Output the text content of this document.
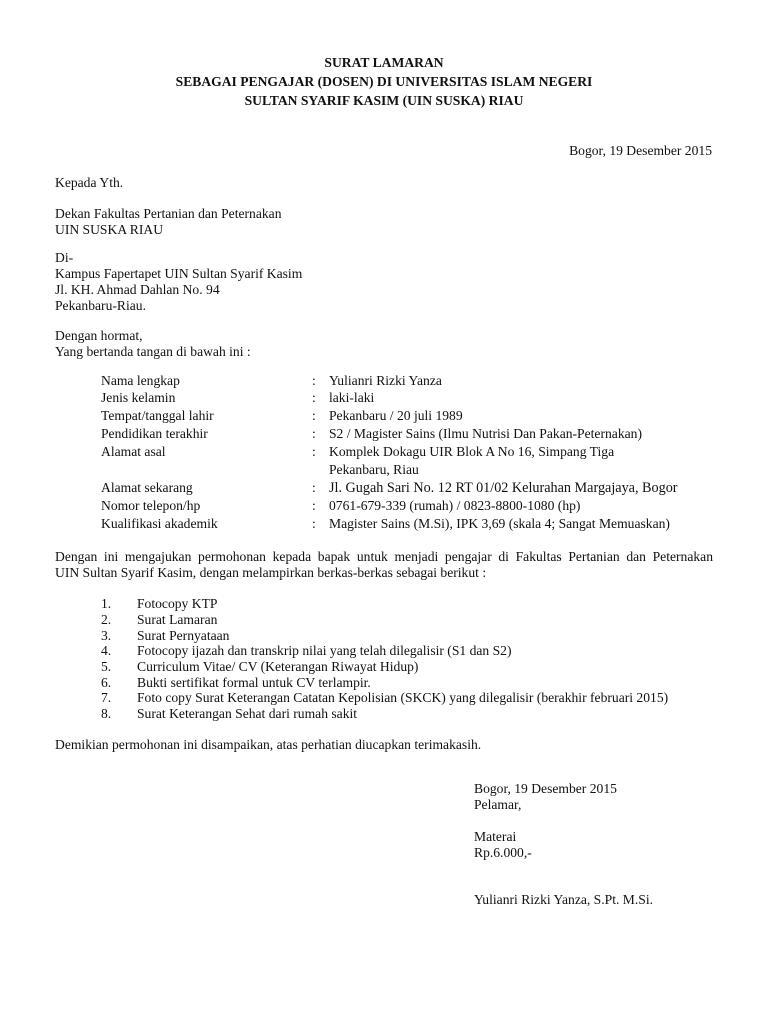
SURAT LAMARAN
SEBAGAI PENGAJAR (DOSEN) DI UNIVERSITAS ISLAM NEGERI
SULTAN SYARIF KASIM (UIN SUSKA) RIAU
Bogor, 19 Desember 2015
Kepada Yth.
Dekan Fakultas Pertanian dan Peternakan
UIN SUSKA RIAU
Di-
Kampus Fapertapet UIN Sultan Syarif Kasim
Jl. KH. Ahmad Dahlan No. 94
Pekanbaru-Riau.
Dengan hormat,
Yang bertanda tangan di bawah ini :
Nama lengkap	: Yulianri Rizki Yanza
Jenis kelamin	: laki-laki
Tempat/tanggal lahir	: Pekanbaru / 20 juli 1989
Pendidikan terakhir	: S2 / Magister Sains (Ilmu Nutrisi Dan Pakan-Peternakan)
Alamat asal	: Komplek Dokagu UIR Blok A No 16, Simpang Tiga
Pekanbaru, Riau
Alamat sekarang	: Jl. Gugah Sari No. 12 RT 01/02 Kelurahan Margajaya, Bogor
Nomor telepon/hp	: 0761-679-339 (rumah) / 0823-8800-1080 (hp)
Kualifikasi akademik	: Magister Sains (M.Si), IPK 3,69 (skala 4; Sangat Memuaskan)
Dengan ini mengajukan permohonan kepada bapak untuk menjadi pengajar di Fakultas Pertanian dan Peternakan
UIN Sultan Syarif Kasim, dengan melampirkan berkas-berkas sebagai berikut :
1. Fotocopy KTP
2. Surat Lamaran
3. Surat Pernyataan
4. Fotocopy ijazah dan transkrip nilai yang telah dilegalisir (S1 dan S2)
5. Curriculum Vitae/ CV (Keterangan Riwayat Hidup)
6. Bukti sertifikat formal untuk CV terlampir.
7. Foto copy Surat Keterangan Catatan Kepolisian (SKCK) yang dilegalisir (berakhir februari 2015)
8. Surat Keterangan Sehat dari rumah sakit
Demikian permohonan ini disampaikan, atas perhatian diucapkan terimakasih.
Bogor, 19 Desember 2015
Pelamar,
Materai
Rp.6.000,-
Yulianri Rizki Yanza, S.Pt. M.Si.
